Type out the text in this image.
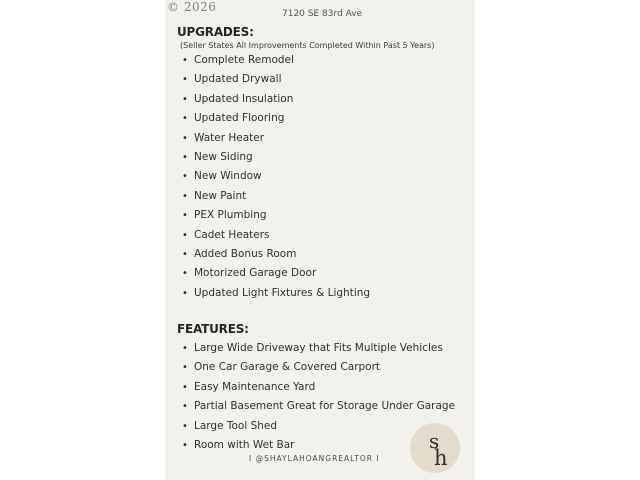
© 2026	7120 SE 83rd Ave
UPGRADES:
(Seller States All Improvements Completed Within Past 5 Years)
• Complete Remodel
• Updated Drywall
• Updated Insulation
• Updated Flooring
• Water Heater
• New Siding
• New Window
• New Paint
• PEX Plumbing
• Cadet Heaters
• Added Bonus Room
• Motorized Garage Door
• Updated Light Fixtures & Lighting
FEATURES:
• Large Wide Driveway that Fits Multiple Vehicles
• One Car Garage & Covered Carport
• Easy Maintenance Yard
• Partial Basement Great for Storage Under Garage
• Large Tool Shed
• Room with Wet Bar
I @SHAYLAHOANGREALTOR I
s
h
